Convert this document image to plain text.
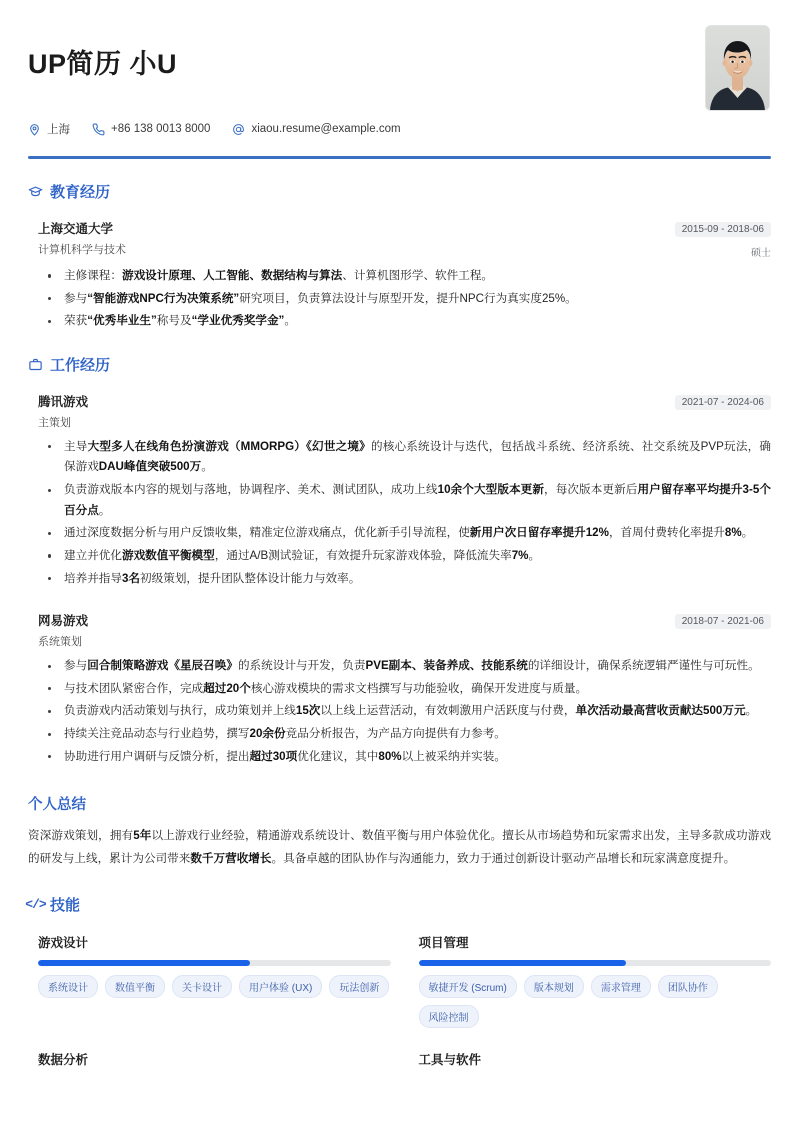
UP简历 小U
上海	+86 138 0013 8000	xiaou.resume@example.com
教育经历
上海交通大学
计算机科学与技术
2015-09 - 2018-06
硕士
主修课程：游戏设计原理、人工智能、数据结构与算法、计算机图形学、软件工程。
参与“智能游戏NPC行为决策系统”研究项目，负责算法设计与原型开发，提升NPC行为真实度25%。
荣获“优秀毕业生”称号及“学业优秀奖学金”。
工作经历
腾讯游戏
主策划
2021-07 - 2024-06
主导大型多人在线角色扮演游戏（MMORPG）《幻世之境》的核心系统设计与迭代，包括战斗系统、经济系统、社交系统及PVP玩法，确保游戏DAU峰值突破500万。
负责游戏版本内容的规划与落地，协调程序、美术、测试团队，成功上线10余个大型版本更新，每次版本更新后用户留存率平均提升3-5个百分点。
通过深度数据分析与用户反馈收集，精准定位游戏痛点，优化新手引导流程，使新用户次日留存率提升12%，首周付费转化率提升8%。
建立并优化游戏数值平衡模型，通过A/B测试验证，有效提升玩家游戏体验，降低流失率7%。
培养并指导3名初级策划，提升团队整体设计能力与效率。
网易游戏
系统策划
2018-07 - 2021-06
参与回合制策略游戏《星辰召唤》的系统设计与开发，负责PVE副本、装备养成、技能系统的详细设计，确保系统逻辑严谨性与可玩性。
与技术团队紧密合作，完成超过20个核心游戏模块的需求文档撰写与功能验收，确保开发进度与质量。
负责游戏内活动策划与执行，成功策划并上线15次以上线上运营活动，有效刺激用户活跃度与付费，单次活动最高营收贡献达500万元。
持续关注竞品动态与行业趋势，撰写20余份竞品分析报告，为产品方向提供有力参考。
协助进行用户调研与反馈分析，提出超过30项优化建议，其中80%以上被采纳并实装。
个人总结
资深游戏策划，拥有5年以上游戏行业经验，精通游戏系统设计、数值平衡与用户体验优化。擅长从市场趋势和玩家需求出发，主导多款成功游戏的研发与上线，累计为公司带来数千万营收增长。具备卓越的团队协作与沟通能力，致力于通过创新设计驱动产品增长和玩家满意度提升。
</> 技能
游戏设计
系统设计	数值平衡	关卡设计	用户体验 (UX)	玩法创新
项目管理
敏捷开发 (Scrum)	版本规划	需求管理	团队协作
风险控制
数据分析	工具与软件
